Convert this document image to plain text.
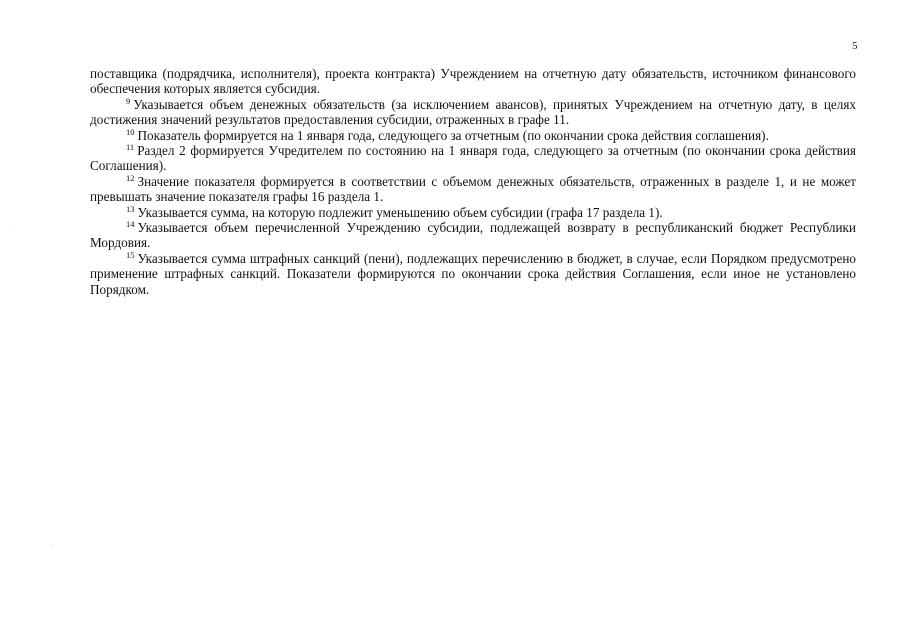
5

поставщика (подрядчика, исполнителя), проекта контракта) Учреждением на отчетную дату обязательств, источником финансового обеспечения которых является субсидия.

$^9$ Указывается объем денежных обязательств (за исключением авансов), принятых Учреждением на отчетную дату, в целях достижения значений результатов предоставления субсидии, отраженных в графе 11.

$^{10}$ Показатель формируется на 1 января года, следующего за отчетным (по окончании срока действия соглашения).

$^{11}$ Раздел 2 формируется Учредителем по состоянию на 1 января года, следующего за отчетным (по окончании срока действия Соглашения).

$^{12}$ Значение показателя формируется в соответствии с объемом денежных обязательств, отраженных в разделе 1, и не может превышать значение показателя графы 16 раздела 1.

$^{13}$ Указывается сумма, на которую подлежит уменьшению объем субсидии (графа 17 раздела 1).

$^{14}$ Указывается объем перечисленной Учреждению субсидии, подлежащей возврату в республиканский бюджет Республики Мордовия.

$^{15}$ Указывается сумма штрафных санкций (пени), подлежащих перечислению в бюджет, в случае, если Порядком предусмотрено применение штрафных санкций. Показатели формируются по окончании срока действия Соглашения, если иное не установлено Порядком.
